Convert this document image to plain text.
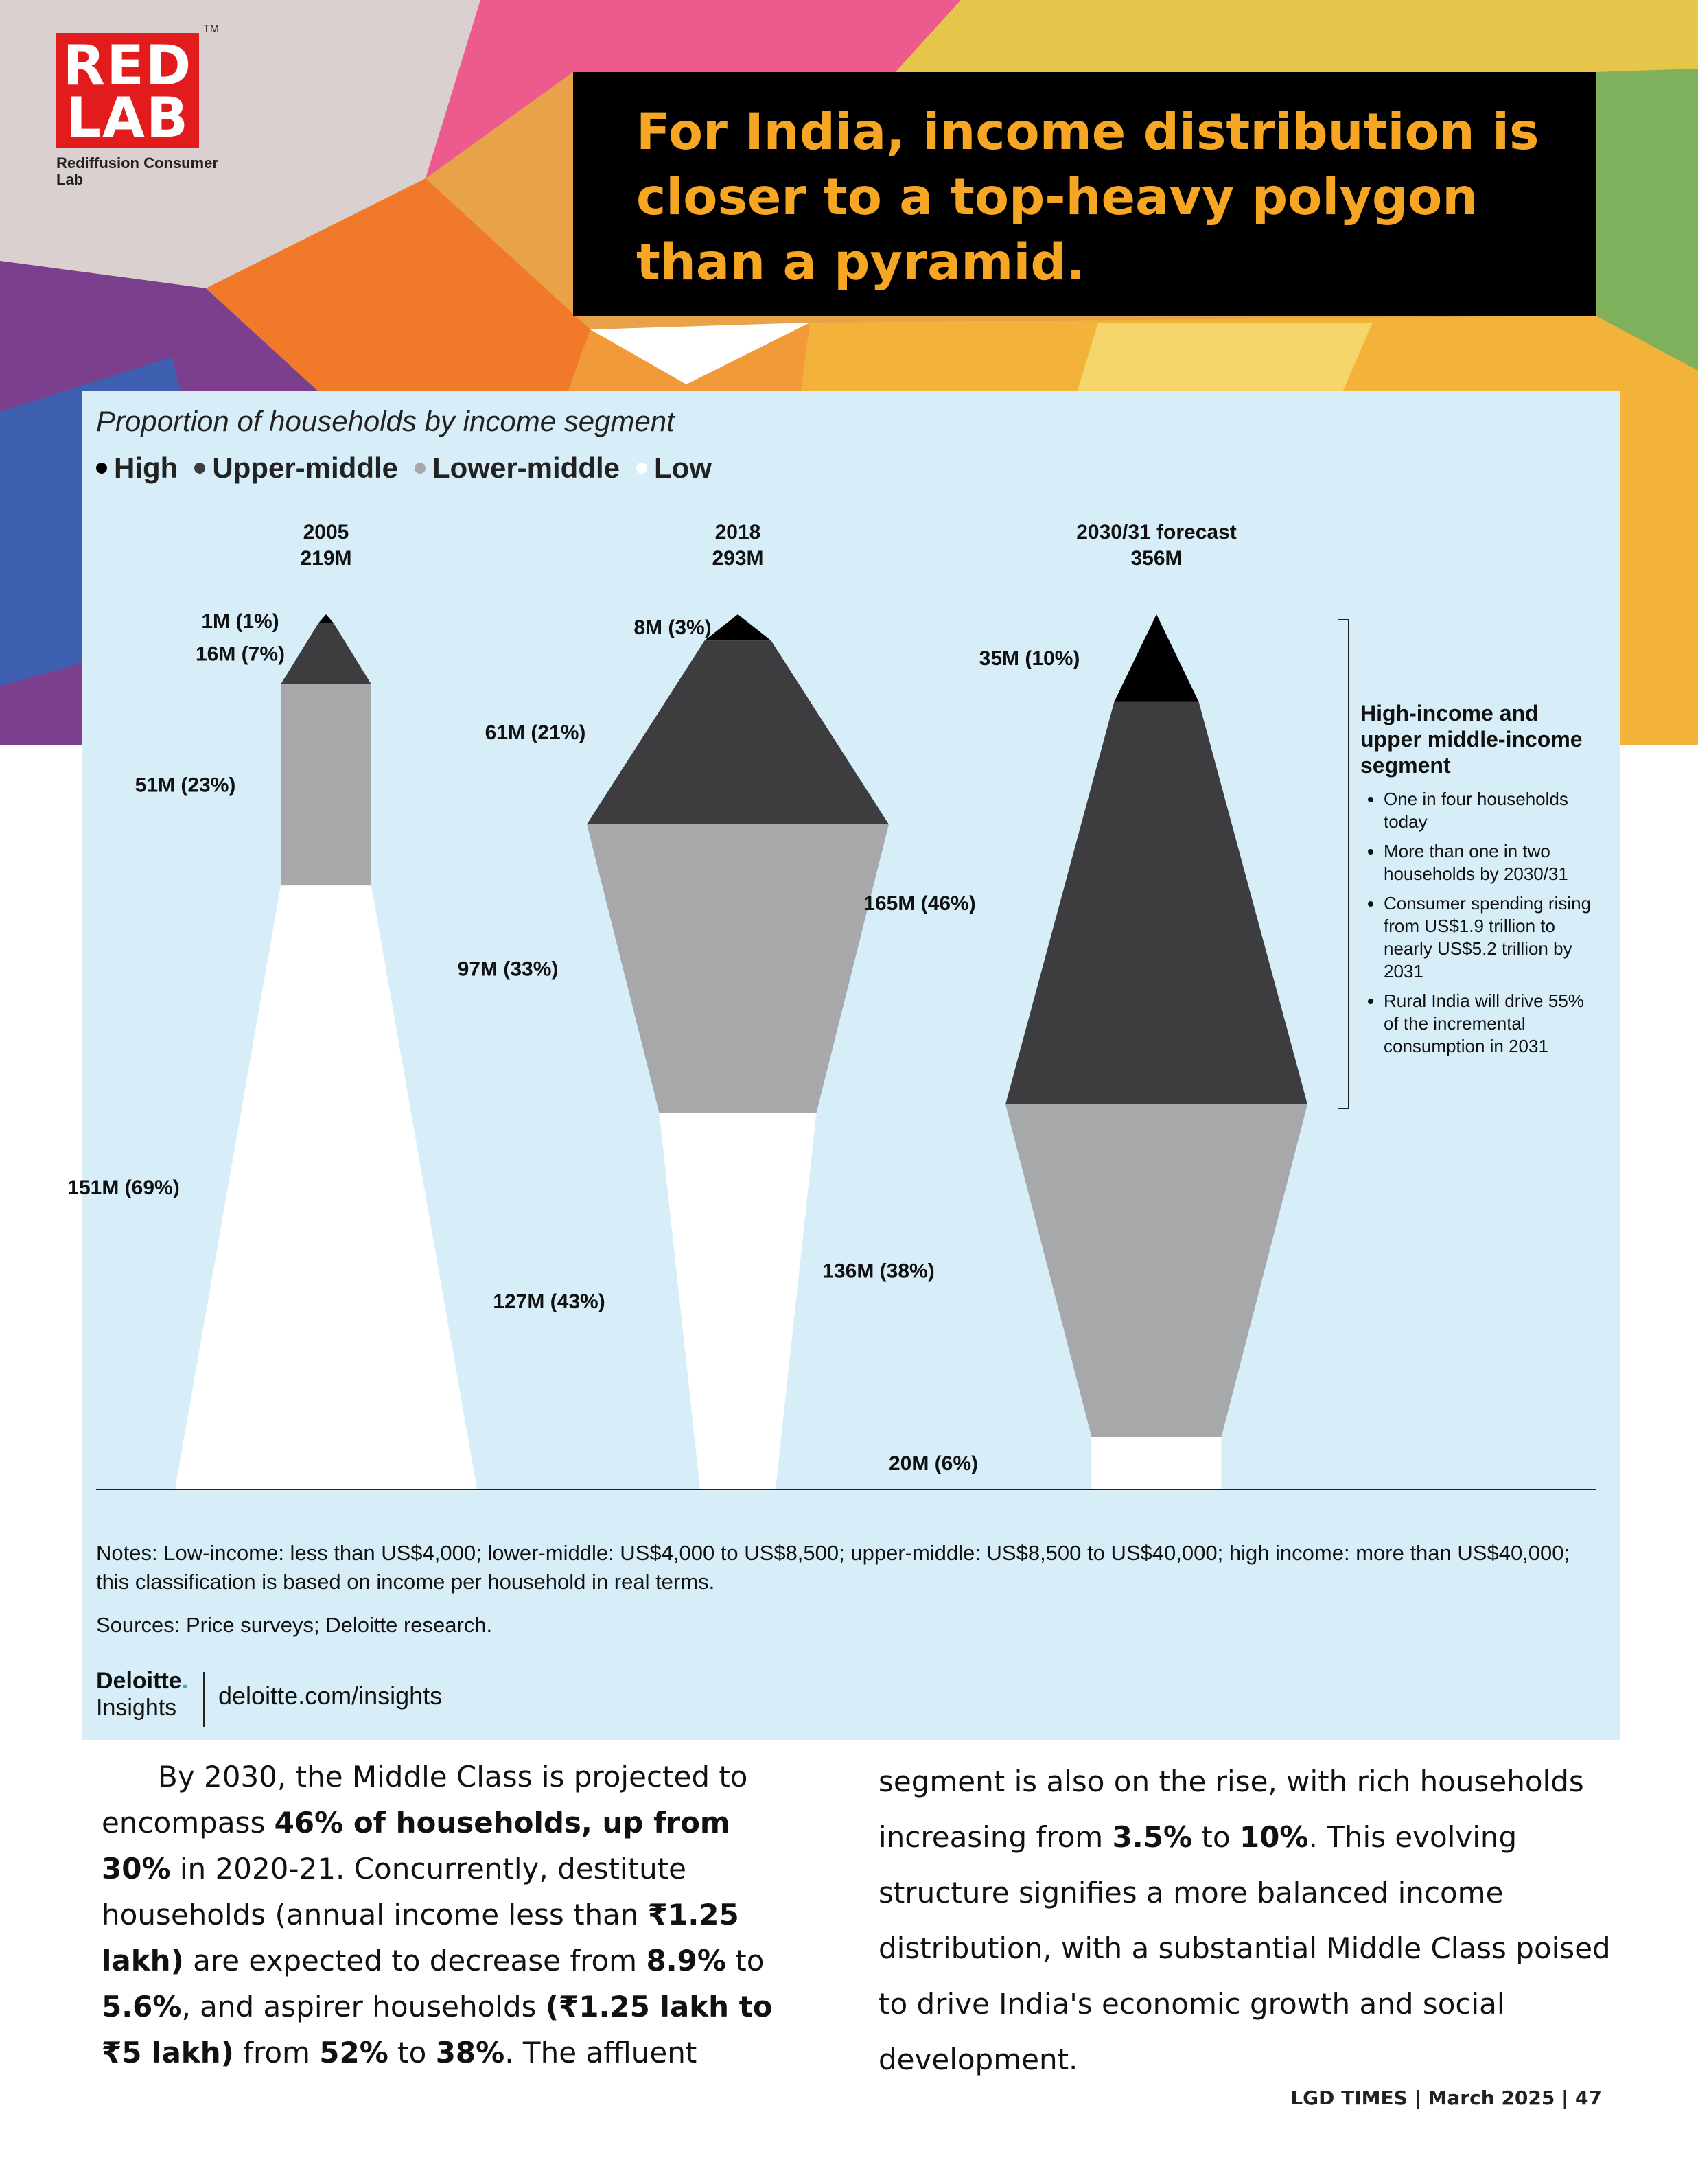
RED
LAB
TM
Rediffusion Consumer Lab
For India, income distribution is closer to a top-heavy polygon than a pyramid.
Proportion of households by income segment
High Upper-middle Lower-middle Low
1M (1%)
16M (7%)
51M (23%)
151M (69%)
2005
219M
8M (3%)
61M (21%)
97M (33%)
127M (43%)
2018
293M
35M (10%)
165M (46%)
136M (38%)
20M (6%)
2030/31 forecast
356M
High-income and upper middle-income segment
• One in four households today
• More than one in two households by 2030/31
• Consumer spending rising from US$1.9 trillion to nearly US$5.2 trillion by 2031
• Rural India will drive 55% of the incremental consumption in 2031
Notes: Low-income: less than US$4,000; lower-middle: US$4,000 to US$8,500; upper-middle: US$8,500 to US$40,000; high income: more than US$40,000; this classification is based on income per household in real terms.
Sources: Price surveys; Deloitte research.
Deloitte.
Insights	deloitte.com/insights

By 2030, the Middle Class is projected to encompass 46% of households, up from 30% in 2020-21. Concurrently, destitute households (annual income less than ₹1.25 lakh) are expected to decrease from 8.9% to 5.6%, and aspirer households (₹1.25 lakh to ₹5 lakh) from 52% to 38%. The affluent

segment is also on the rise, with rich households increasing from 3.5% to 10%. This evolving structure signifies a more balanced income distribution, with a substantial Middle Class poised to drive India's economic growth and social development.

LGD TIMES | March 2025 | 47
